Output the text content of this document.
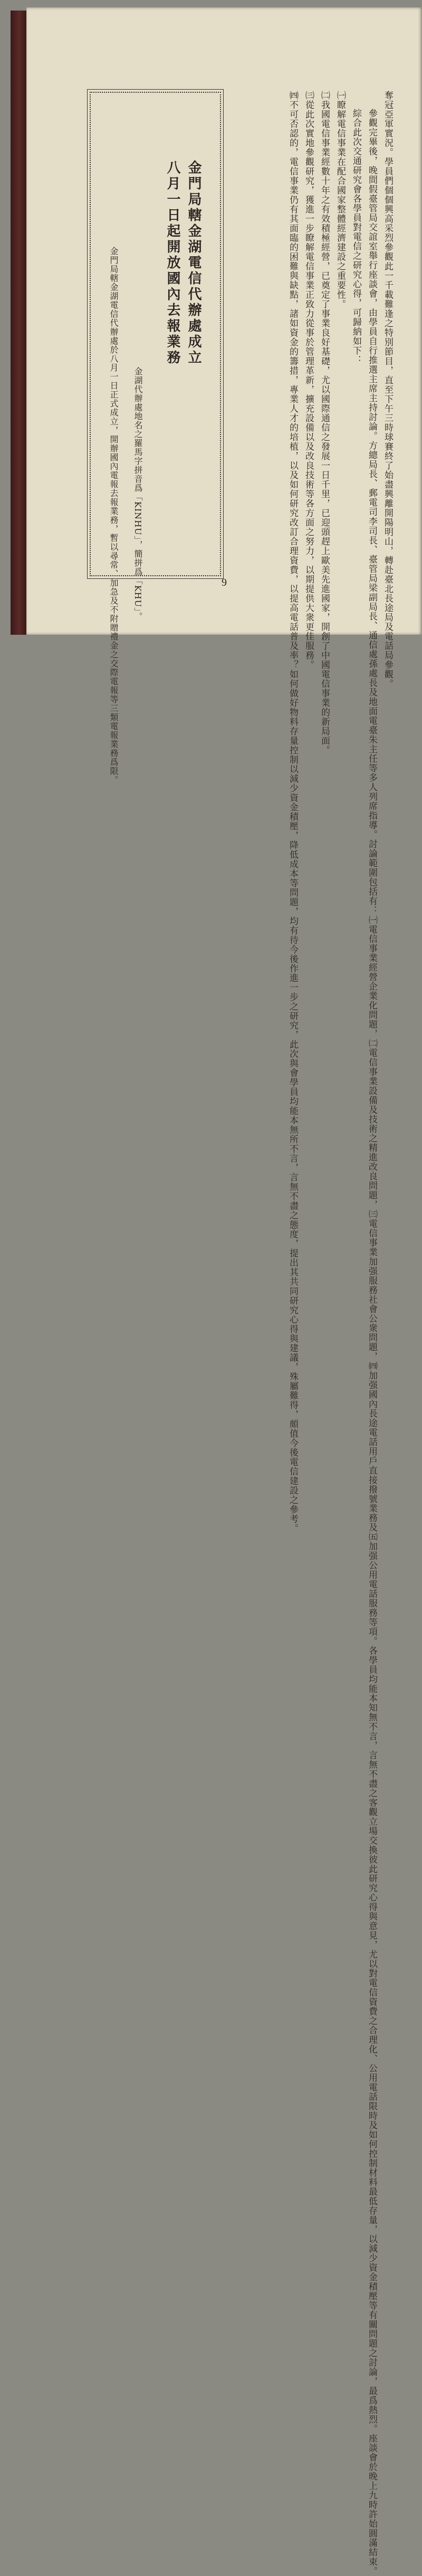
奪冠亞軍實況。學員們個個興高采烈參觀此一千載難逢之特別節目，直至下午三時球賽終了始盡興離開陽明山，轉赴臺北長途局及電話局參觀。

參觀完畢後，晚間假臺管局交誼室舉行座談會，由學員自行推選主席主持討論。方總局長、郵電司李司長、臺管局梁副局長、通信處孫處長及地面電臺朱主任等多人列席指導。討論範圍包括有：㈠電信事業經營企業化問題，㈡電信事業設備及技術之精進改良問題，㈢電信事業加强服務社會公衆問題，㈣加强國內長途電話用戶直接撥號業務及㈤加强公用電話服務等項。各學員均能本知無不言，言無不盡之客觀立場交換彼此研究心得與意見，尤以對電信資費之合理化、公用電話限時及如何控制材料最低存量，以減少資金積壓等有關問題之討論，最爲熱烈。座談會於晚上九時許始圓滿結束。

綜合此次交通研究會各學員對電信之研究心得，可歸納如下：

㈠瞭解電信事業在配合國家整體經濟建設之重要性。

㈡我國電信事業經數十年之有效積極經營，已奠定了事業良好基礎，尤以國際通信之發展一日千里，已迎頭趕上歐美先進國家，開創了中國電信事業的新局面。

㈢從此次實地參觀研究，獲進一步瞭解電信事業正致力從事於管理革新，擴充設備以及改良技術等各方面之努力，以期提供大衆更佳服務。

㈣不可否認的，電信事業仍有其面臨的困難與缺點，諸如資金的籌措，專業人才的培植，以及如何研究改訂合理資費，以提高電話普及率？如何做好物料存量控制以減少資金積壓，降低成本等問題，均有待今後作進一步之研究，此次與會學員均能本無所不言，言無不盡之態度，提出其共同研究心得與建議，殊屬難得，頗值今後電信建設之參考。

金門局轄金湖電信代辦處成立
八月一日起開放國內去報業務

金門局轄金湖電信代辦處於八月一日正式成立，開辦國內電報去報業務，暫以尋常、加急及不附贈禮金之交際電報等三類電報業務爲限。 金湖代辦處地名之羅馬字拼音爲「KINHU」，簡拼爲「KHU」。	9
